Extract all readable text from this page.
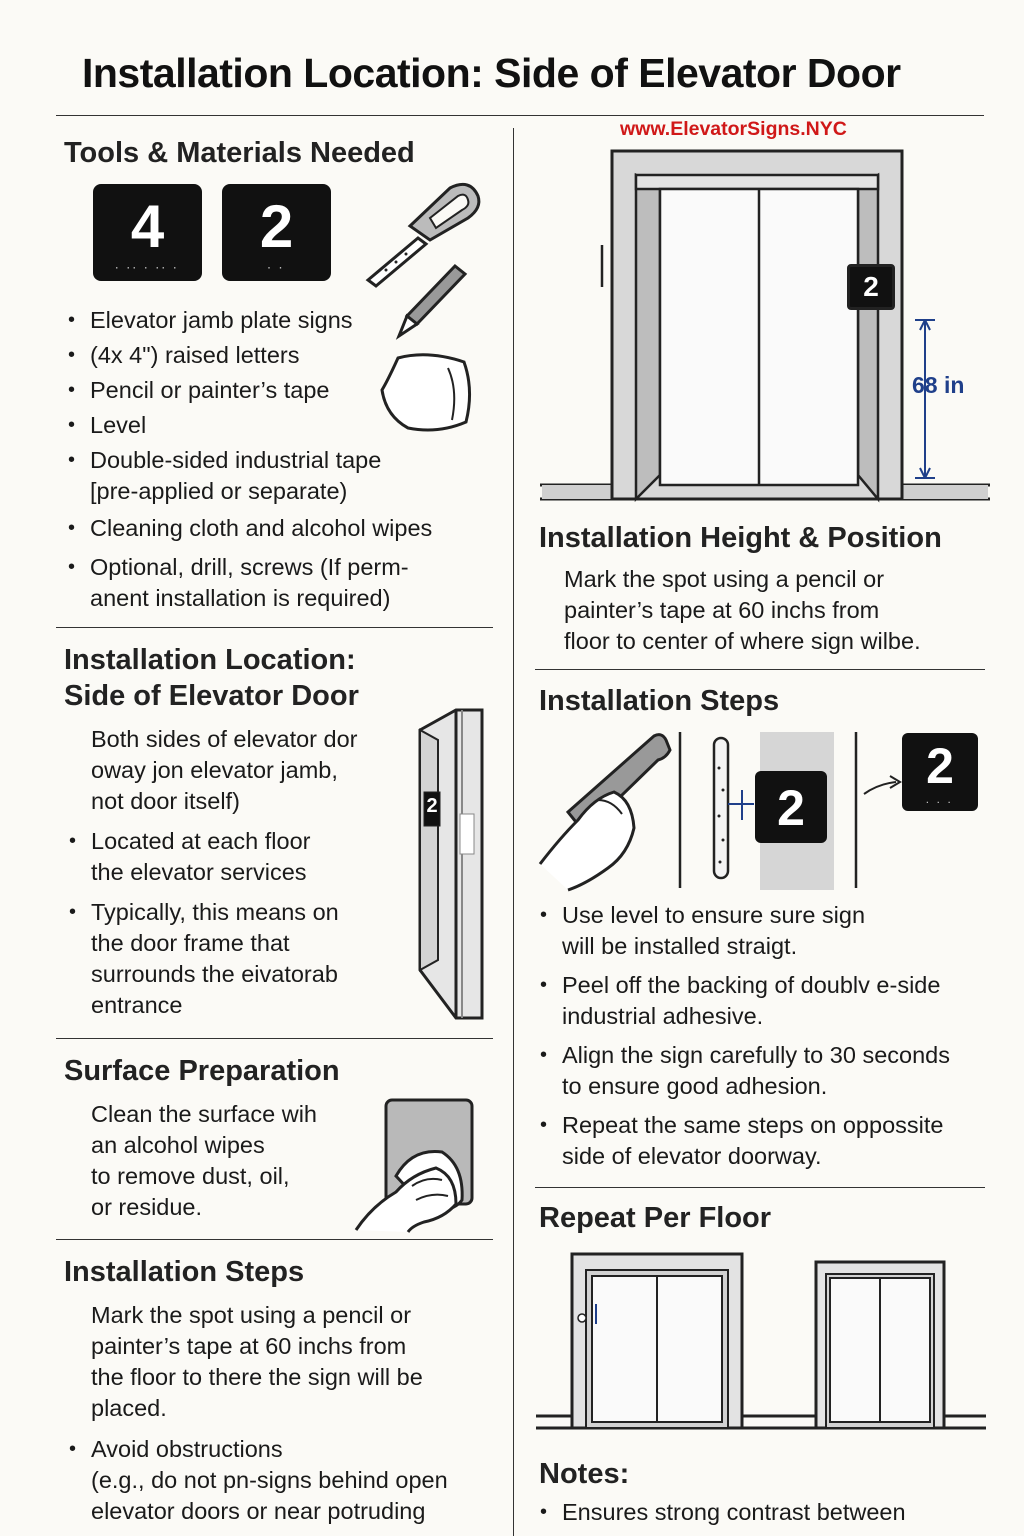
Installation Location: Side of Elevator Door
Tools & Materials Needed
4
· ·· · ·· ·
2
· ·
• Elevator jamb plate signs
• (4x 4") raised letters
• Pencil or painter’s tape
• Level
• Double-sided industrial tape
[pre-applied or separate)
• Cleaning cloth and alcohol wipes
• Optional, drill, screws (If perm-
anent installation is required)
Installation Location:
Side of Elevator Door

Both sides of elevator dor

oway jon elevator jamb,

not door itself)

• Located at each floor
the elevator services
• Typically, this means on
the door frame that
surrounds the eivatorab
entrance
2
Surface Preparation

Clean the surface wih

an alcohol wipes

to remove dust, oil,

or residue.

Installation Steps

Mark the spot using a pencil or

painter’s tape at 60 inchs from

the floor to there the sign will be

placed.

• Avoid obstructions
(e.g., do not pn-signs behind open
elevator doors or near potruding
www.ElevatorSigns.NYC
2
68 in
Installation Height & Position

Mark the spot using a pencil or

painter’s tape at 60 inchs from

floor to center of where sign wilbe.

Installation Steps
2
2
· · ·
• Use level to ensure sure sign
will be installed straigt.
• Peel off the backing of doublv e-side
industrial adhesive.
• Align the sign carefully to 30 seconds
to ensure good adhesion.
• Repeat the same steps on oppossite
side of elevator doorway.
Repeat Per Floor
Notes:
• Ensures strong contrast between
